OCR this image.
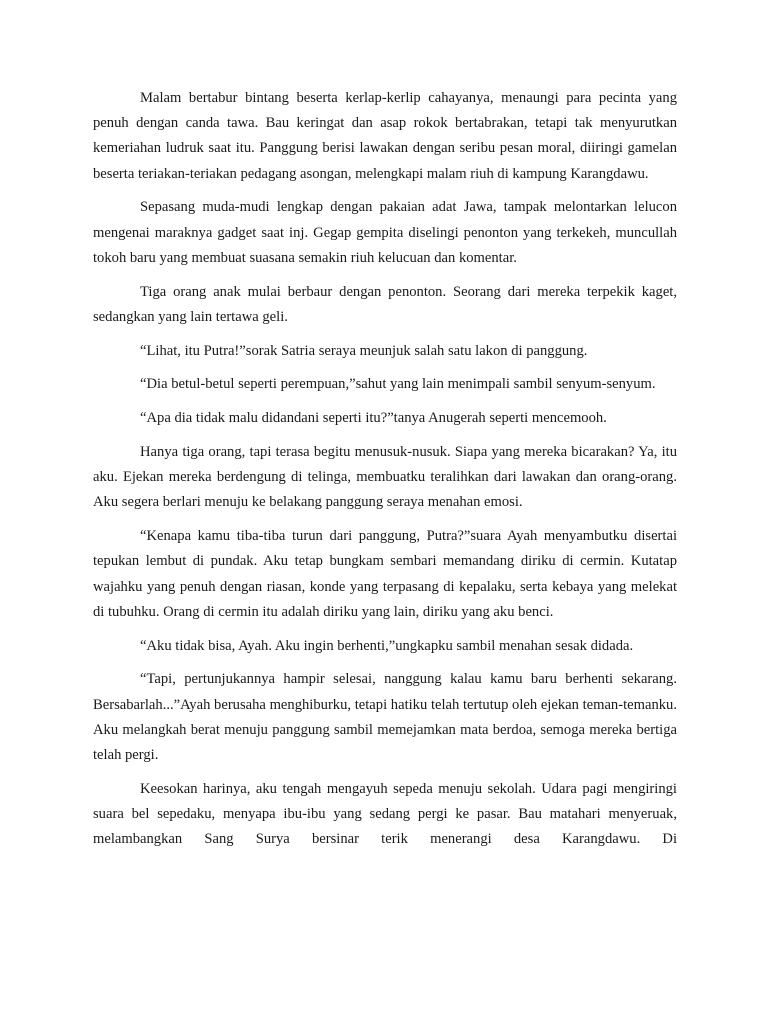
Malam bertabur bintang beserta kerlap-kerlip cahayanya, menaungi para pecinta yang penuh dengan canda tawa. Bau keringat dan asap rokok bertabrakan, tetapi tak menyurutkan kemeriahan ludruk saat itu. Panggung berisi lawakan dengan seribu pesan moral, diiringi gamelan beserta teriakan-teriakan pedagang asongan, melengkapi malam riuh di kampung Karangdawu.

Sepasang muda-mudi lengkap dengan pakaian adat Jawa, tampak melontarkan lelucon mengenai maraknya gadget saat inj. Gegap gempita diselingi penonton yang terkekeh, muncullah tokoh baru yang membuat suasana semakin riuh kelucuan dan komentar.

Tiga orang anak mulai berbaur dengan penonton. Seorang dari mereka terpekik kaget, sedangkan yang lain tertawa geli.

“Lihat, itu Putra!”sorak Satria seraya meunjuk salah satu lakon di panggung.

“Dia betul-betul seperti perempuan,”sahut yang lain menimpali sambil senyum-senyum.

“Apa dia tidak malu didandani seperti itu?”tanya Anugerah seperti mencemooh.

Hanya tiga orang, tapi terasa begitu menusuk-nusuk. Siapa yang mereka bicarakan? Ya, itu aku. Ejekan mereka berdengung di telinga, membuatku teralihkan dari lawakan dan orang-orang. Aku segera berlari menuju ke belakang panggung seraya menahan emosi.

“Kenapa kamu tiba-tiba turun dari panggung, Putra?”suara Ayah menyambutku disertai tepukan lembut di pundak. Aku tetap bungkam sembari memandang diriku di cermin. Kutatap wajahku yang penuh dengan riasan, konde yang terpasang di kepalaku, serta kebaya yang melekat di tubuhku. Orang di cermin itu adalah diriku yang lain, diriku yang aku benci.

“Aku tidak bisa, Ayah. Aku ingin berhenti,”ungkapku sambil menahan sesak didada.

“Tapi, pertunjukannya hampir selesai, nanggung kalau kamu baru berhenti sekarang. Bersabarlah...”Ayah berusaha menghiburku, tetapi hatiku telah tertutup oleh ejekan teman-temanku. Aku melangkah berat menuju panggung sambil memejamkan mata berdoa, semoga mereka bertiga telah pergi.

Keesokan harinya, aku tengah mengayuh sepeda menuju sekolah. Udara pagi mengiringi suara bel sepedaku, menyapa ibu-ibu yang sedang pergi ke pasar. Bau matahari menyeruak, melambangkan Sang Surya bersinar terik menerangi desa Karangdawu. Di
